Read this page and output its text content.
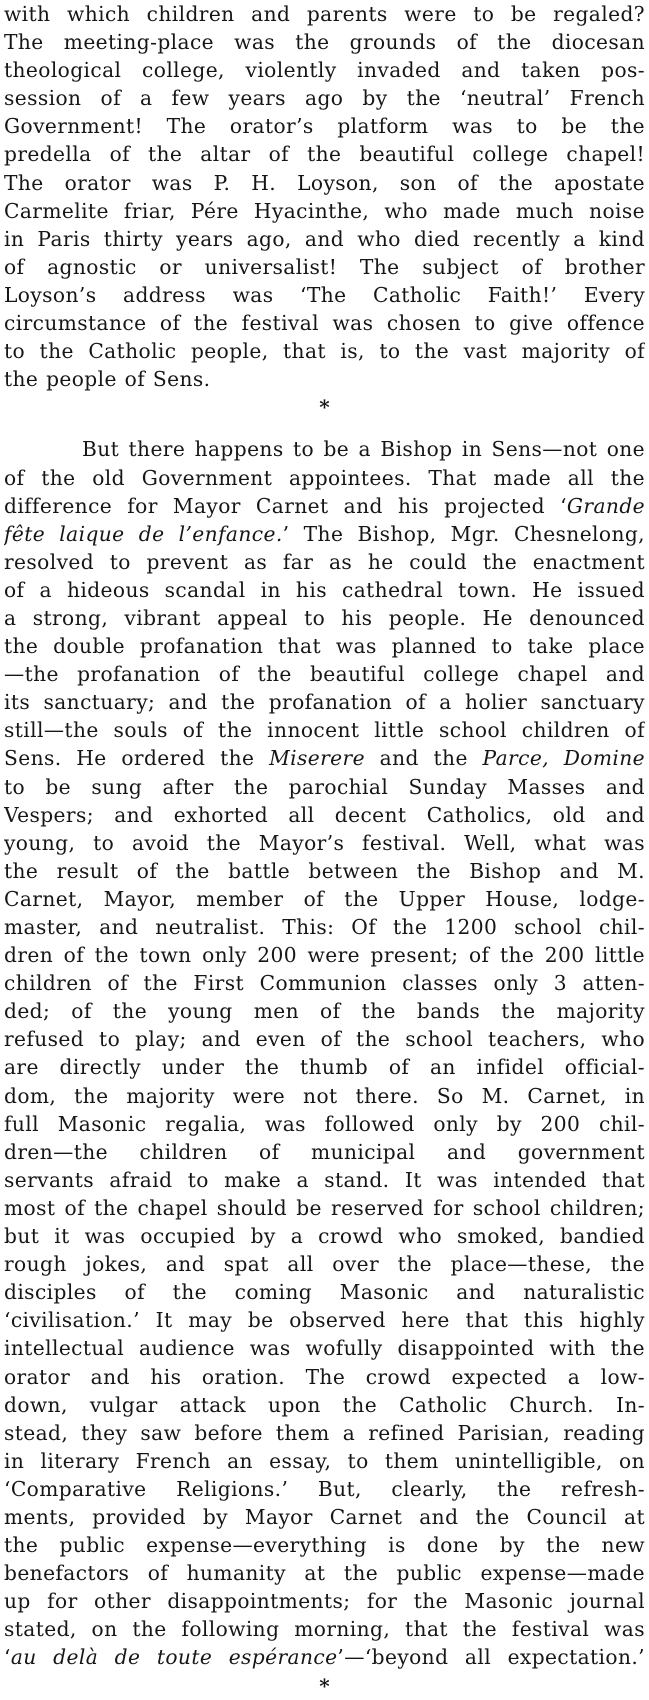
with which children and parents were to be regaled?
The meeting-place was the grounds of the diocesan
theological college, violently invaded and taken pos-
session of a few years ago by the ‘neutral’ French
Government! The orator’s platform was to be the
predella of the altar of the beautiful college chapel!
The orator was P. H. Loyson, son of the apostate
Carmelite friar, Pére Hyacinthe, who made much noise
in Paris thirty years ago, and who died recently a kind
of agnostic or universalist! The subject of brother
Loyson’s address was ‘The Catholic Faith!’ Every
circumstance of the festival was chosen to give offence
to the Catholic people, that is, to the vast majority of
the people of Sens.
*
But there happens to be a Bishop in Sens—not one
of the old Government appointees. That made all the
difference for Mayor Carnet and his projected ‘Grande
fête laique de l’enfance.’ The Bishop, Mgr. Chesnelong,
resolved to prevent as far as he could the enactment
of a hideous scandal in his cathedral town. He issued
a strong, vibrant appeal to his people. He denounced
the double profanation that was planned to take place
—the profanation of the beautiful college chapel and
its sanctuary; and the profanation of a holier sanctuary
still—the souls of the innocent little school children of
Sens. He ordered the Miserere and the Parce, Domine
to be sung after the parochial Sunday Masses and
Vespers; and exhorted all decent Catholics, old and
young, to avoid the Mayor’s festival. Well, what was
the result of the battle between the Bishop and M.
Carnet, Mayor, member of the Upper House, lodge-
master, and neutralist. This: Of the 1200 school chil-
dren of the town only 200 were present; of the 200 little
children of the First Communion classes only 3 atten-
ded; of the young men of the bands the majority
refused to play; and even of the school teachers, who
are directly under the thumb of an infidel official-
dom, the majority were not there. So M. Carnet, in
full Masonic regalia, was followed only by 200 chil-
dren—the children of municipal and government
servants afraid to make a stand. It was intended that
most of the chapel should be reserved for school children;
but it was occupied by a crowd who smoked, bandied
rough jokes, and spat all over the place—these, the
disciples of the coming Masonic and naturalistic
‘civilisation.’ It may be observed here that this highly
intellectual audience was wofully disappointed with the
orator and his oration. The crowd expected a low-
down, vulgar attack upon the Catholic Church. In-
stead, they saw before them a refined Parisian, reading
in literary French an essay, to them unintelligible, on
‘Comparative Religions.’ But, clearly, the refresh-
ments, provided by Mayor Carnet and the Council at
the public expense—everything is done by the new
benefactors of humanity at the public expense—made
up for other disappointments; for the Masonic journal
stated, on the following morning, that the festival was
‘au delà de toute espérance’—‘beyond all expectation.’
*
